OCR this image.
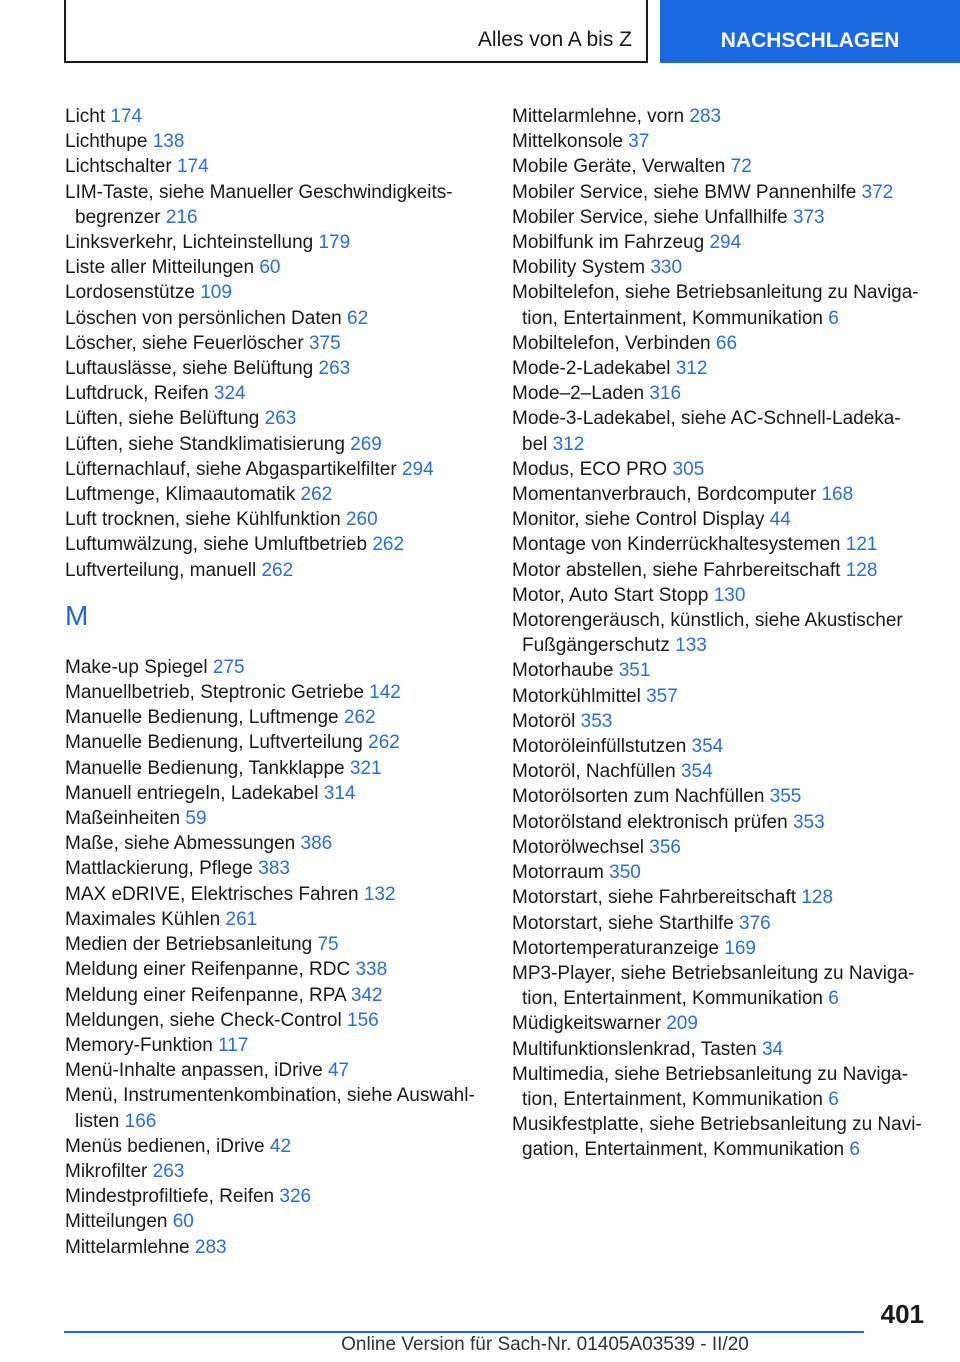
Alles von A bis Z	NACHSCHLAGEN
Licht 174
Lichthupe 138
Lichtschalter 174
LIM-Taste, siehe Manueller Geschwindigkeits-
begrenzer 216
Linksverkehr, Lichteinstellung 179
Liste aller Mitteilungen 60
Lordosenstütze 109
Löschen von persönlichen Daten 62
Löscher, siehe Feuerlöscher 375
Luftauslässe, siehe Belüftung 263
Luftdruck, Reifen 324
Lüften, siehe Belüftung 263
Lüften, siehe Standklimatisierung 269
Lüfternachlauf, siehe Abgaspartikelfilter 294
Luftmenge, Klimaautomatik 262
Luft trocknen, siehe Kühlfunktion 260
Luftumwälzung, siehe Umluftbetrieb 262
Luftverteilung, manuell 262
M
Make-up Spiegel 275
Manuellbetrieb, Steptronic Getriebe 142
Manuelle Bedienung, Luftmenge 262
Manuelle Bedienung, Luftverteilung 262
Manuelle Bedienung, Tankklappe 321
Manuell entriegeln, Ladekabel 314
Maßeinheiten 59
Maße, siehe Abmessungen 386
Mattlackierung, Pflege 383
MAX eDRIVE, Elektrisches Fahren 132
Maximales Kühlen 261
Medien der Betriebsanleitung 75
Meldung einer Reifenpanne, RDC 338
Meldung einer Reifenpanne, RPA 342
Meldungen, siehe Check-Control 156
Memory-Funktion 117
Menü-Inhalte anpassen, iDrive 47
Menü, Instrumentenkombination, siehe Auswahl-
listen 166
Menüs bedienen, iDrive 42
Mikrofilter 263
Mindestprofiltiefe, Reifen 326
Mitteilungen 60
Mittelarmlehne 283
Mittelarmlehne, vorn 283
Mittelkonsole 37
Mobile Geräte, Verwalten 72
Mobiler Service, siehe BMW Pannenhilfe 372
Mobiler Service, siehe Unfallhilfe 373
Mobilfunk im Fahrzeug 294
Mobility System 330
Mobiltelefon, siehe Betriebsanleitung zu Naviga-
tion, Entertainment, Kommunikation 6
Mobiltelefon, Verbinden 66
Mode-2-Ladekabel 312
Mode–2–Laden 316
Mode-3-Ladekabel, siehe AC-Schnell-Ladeka-
bel 312
Modus, ECO PRO 305
Momentanverbrauch, Bordcomputer 168
Monitor, siehe Control Display 44
Montage von Kinderrückhaltesystemen 121
Motor abstellen, siehe Fahrbereitschaft 128
Motor, Auto Start Stopp 130
Motorengeräusch, künstlich, siehe Akustischer
Fußgängerschutz 133
Motorhaube 351
Motorkühlmittel 357
Motoröl 353
Motoröleinfüllstutzen 354
Motoröl, Nachfüllen 354
Motorölsorten zum Nachfüllen 355
Motorölstand elektronisch prüfen 353
Motorölwechsel 356
Motorraum 350
Motorstart, siehe Fahrbereitschaft 128
Motorstart, siehe Starthilfe 376
Motortemperaturanzeige 169
MP3-Player, siehe Betriebsanleitung zu Naviga-
tion, Entertainment, Kommunikation 6
Müdigkeitswarner 209
Multifunktionslenkrad, Tasten 34
Multimedia, siehe Betriebsanleitung zu Naviga-
tion, Entertainment, Kommunikation 6
Musikfestplatte, siehe Betriebsanleitung zu Navi-
gation, Entertainment, Kommunikation 6
401
Online Version für Sach-Nr. 01405A03539 - II/20
